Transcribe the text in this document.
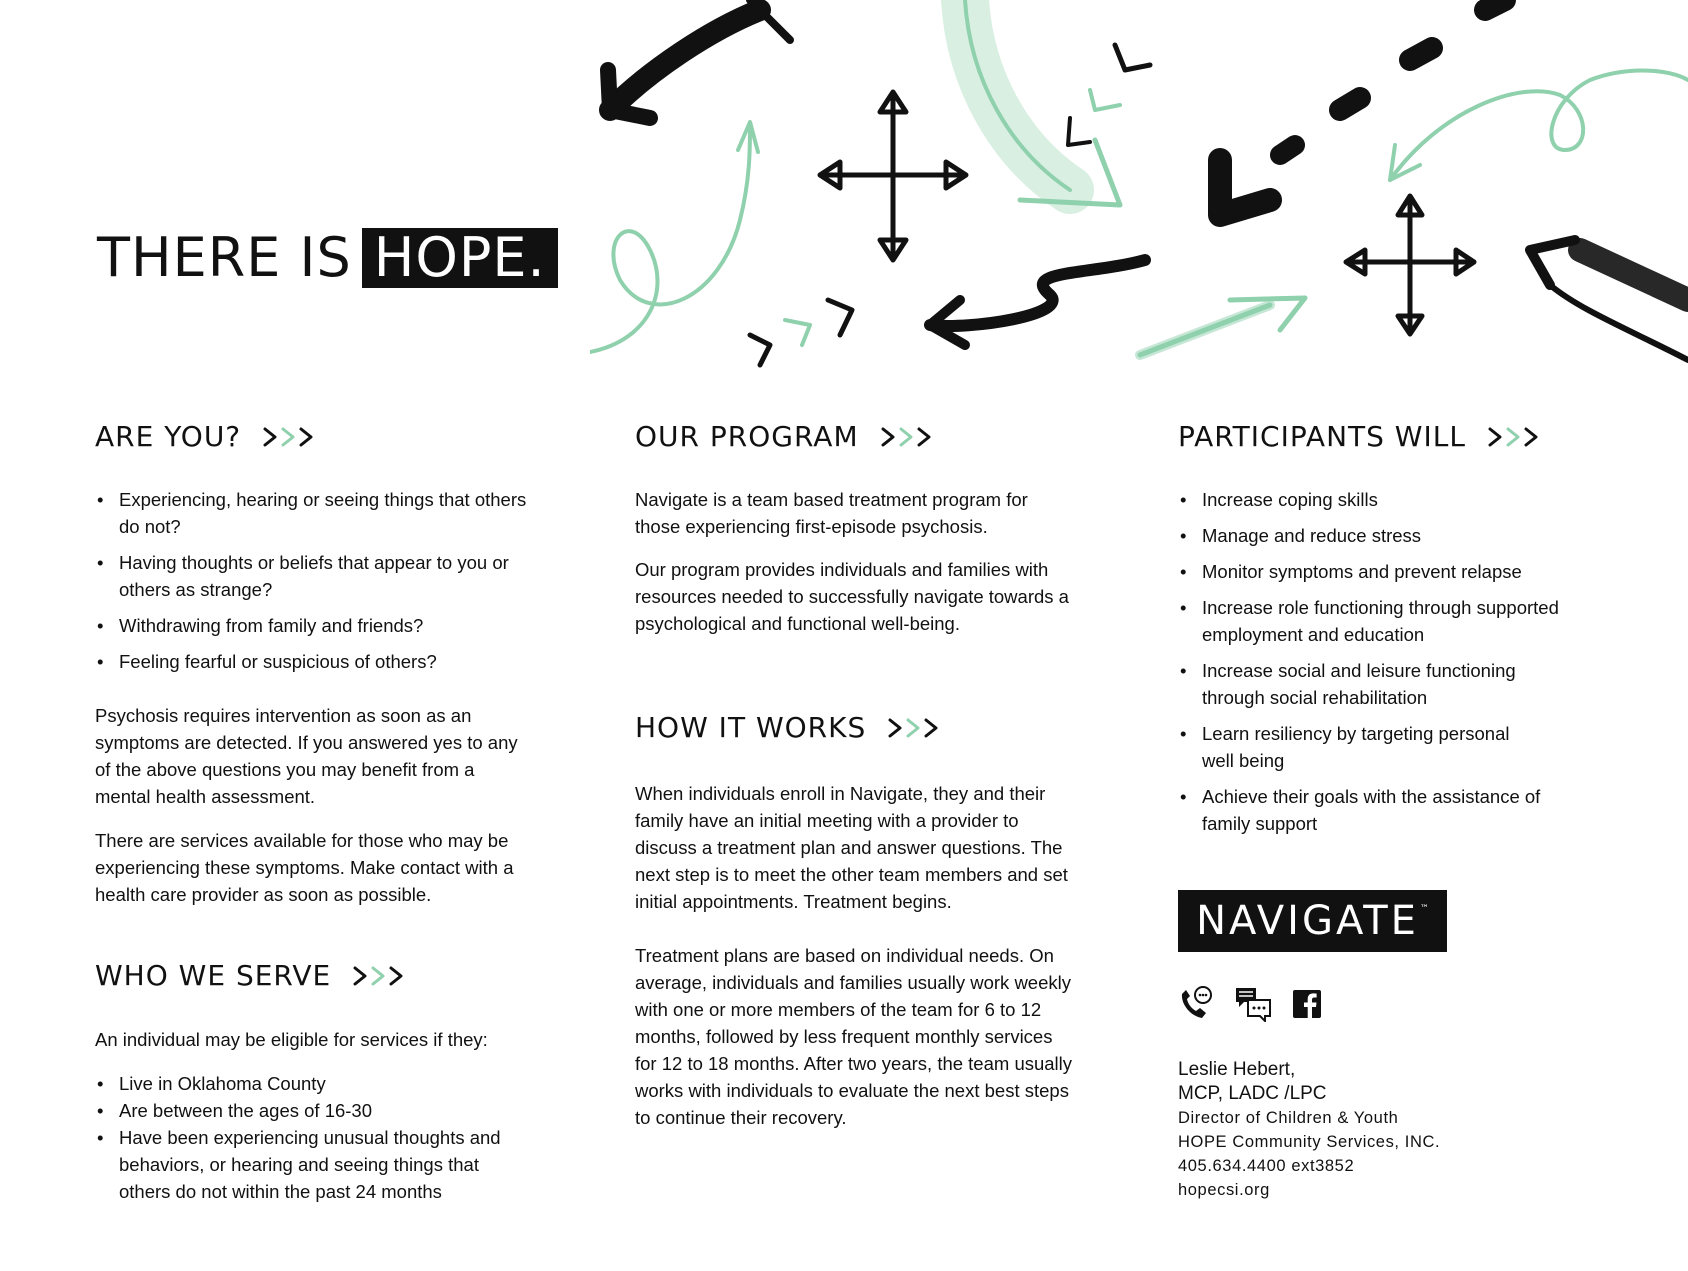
THERE IS HOPE.
ARE YOU?
• Experiencing, hearing or seeing things that others do not?
• Having thoughts or beliefs that appear to you or others as strange?
• Withdrawing from family and friends?
• Feeling fearful or suspicious of others?

Psychosis requires intervention as soon as an symptoms are detected. If you answered yes to any of the above questions you may benefit from a mental health assessment.

There are services available for those who may be experiencing these symptoms. Make contact with a health care provider as soon as possible.

WHO WE SERVE

An individual may be eligible for services if they:

• Live in Oklahoma County
• Are between the ages of 16-30
• Have been experiencing unusual thoughts and behaviors, or hearing and seeing things that others do not within the past 24 months
OUR PROGRAM

Navigate is a team based treatment program for those experiencing first-episode psychosis.

Our program provides individuals and families with resources needed to successfully navigate towards a psychological and functional well-being.

HOW IT WORKS

When individuals enroll in Navigate, they and their family have an initial meeting with a provider to discuss a treatment plan and answer questions. The next step is to meet the other team members and set initial appointments. Treatment begins.

Treatment plans are based on individual needs. On average, individuals and families usually work weekly with one or more members of the team for 6 to 12 months, followed by less frequent monthly services for 12 to 18 months. After two years, the team usually works with individuals to evaluate the next best steps to continue their recovery.

PARTICIPANTS WILL
• Increase coping skills
• Manage and reduce stress
• Monitor symptoms and prevent relapse
• Increase role functioning through supported employment and education
• Increase social and leisure functioning through social rehabilitation
• Learn resiliency by targeting personal well being
• Achieve their goals with the assistance of family support
NAVIGATE™
Leslie Hebert,
MCP, LADC /LPC
Director of Children & Youth
HOPE Community Services, INC.
405.634.4400 ext3852
hopecsi.org
